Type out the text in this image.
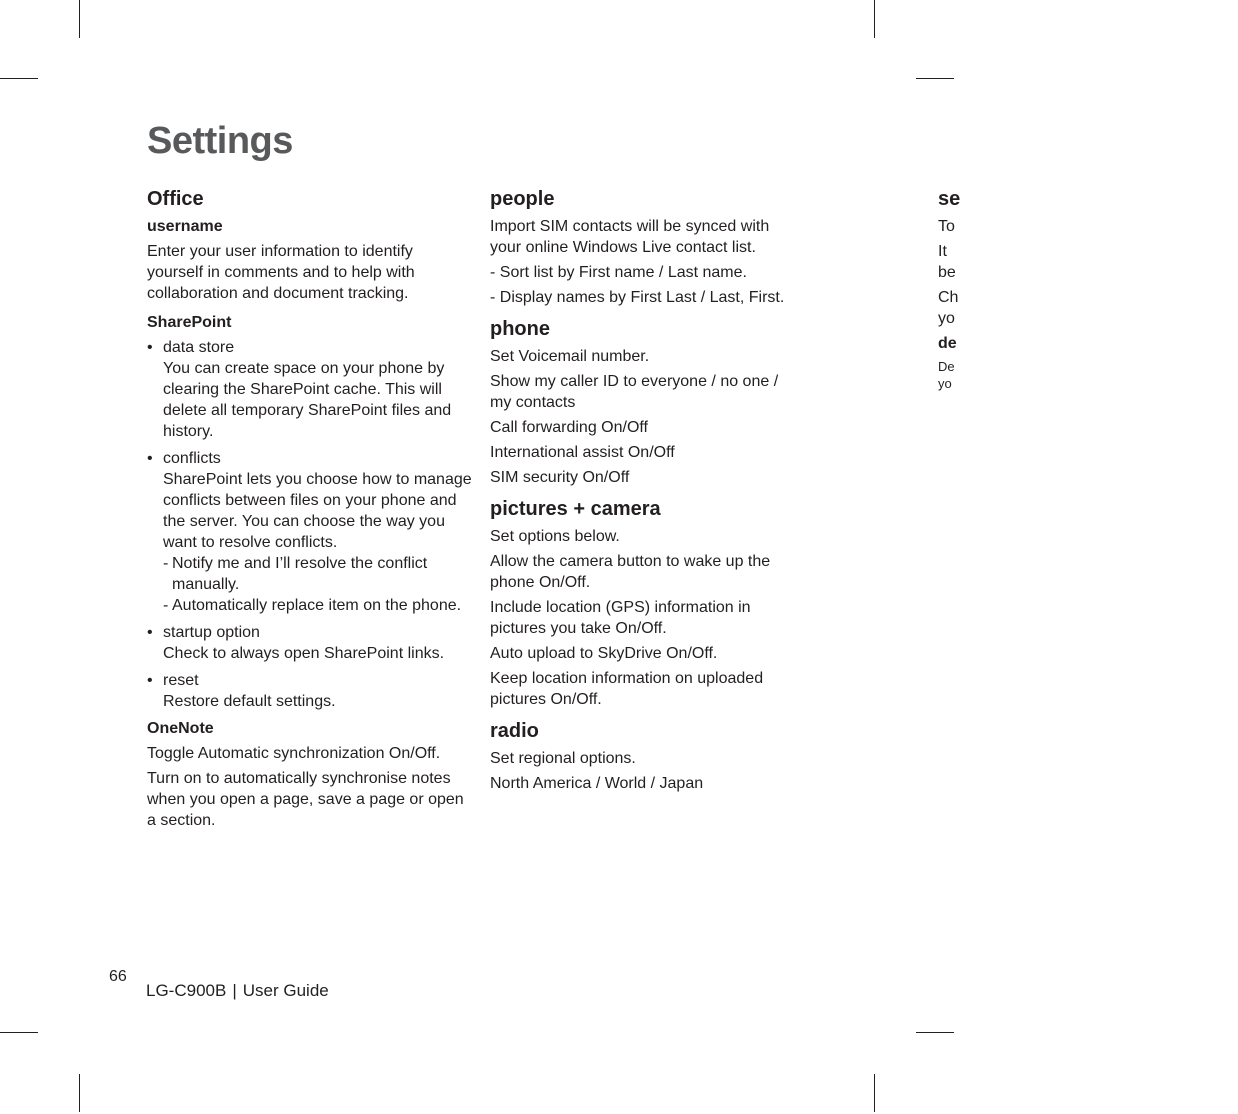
Settings
Office
username

Enter your user information to identify yourself in comments and to help with collaboration and document tracking.

SharePoint
• data store
You can create space on your phone by clearing the SharePoint cache. This will delete all temporary SharePoint files and history.
• conflicts
SharePoint lets you choose how to manage conflicts between files on your phone and the server. You can choose the way you want to resolve conflicts.
- Notify me and I’ll resolve the conflict manually.
- Automatically replace item on the phone.
• startup option
Check to always open SharePoint links.
• reset
Restore default settings.
OneNote

Toggle Automatic synchronization On/Off.

Turn on to automatically synchronise notes when you open a page, save a page or open a section.

people

Import SIM contacts will be synced with your online Windows Live contact list.

- Sort list by First name / Last name.

- Display names by First Last / Last, First.

phone

Set Voicemail number.

Show my caller ID to everyone / no one / my contacts

Call forwarding On/Off

International assist On/Off

SIM security On/Off

pictures + camera

Set options below.

Allow the camera button to wake up the phone On/Off.

Include location (GPS) information in pictures you take On/Off.

Auto upload to SkyDrive On/Off.

Keep location information on uploaded pictures On/Off.

radio

Set regional options.

North America / World / Japan

se

To

It

be

Ch

yo

de
De
yo
66
LG-C900B | User Guide
